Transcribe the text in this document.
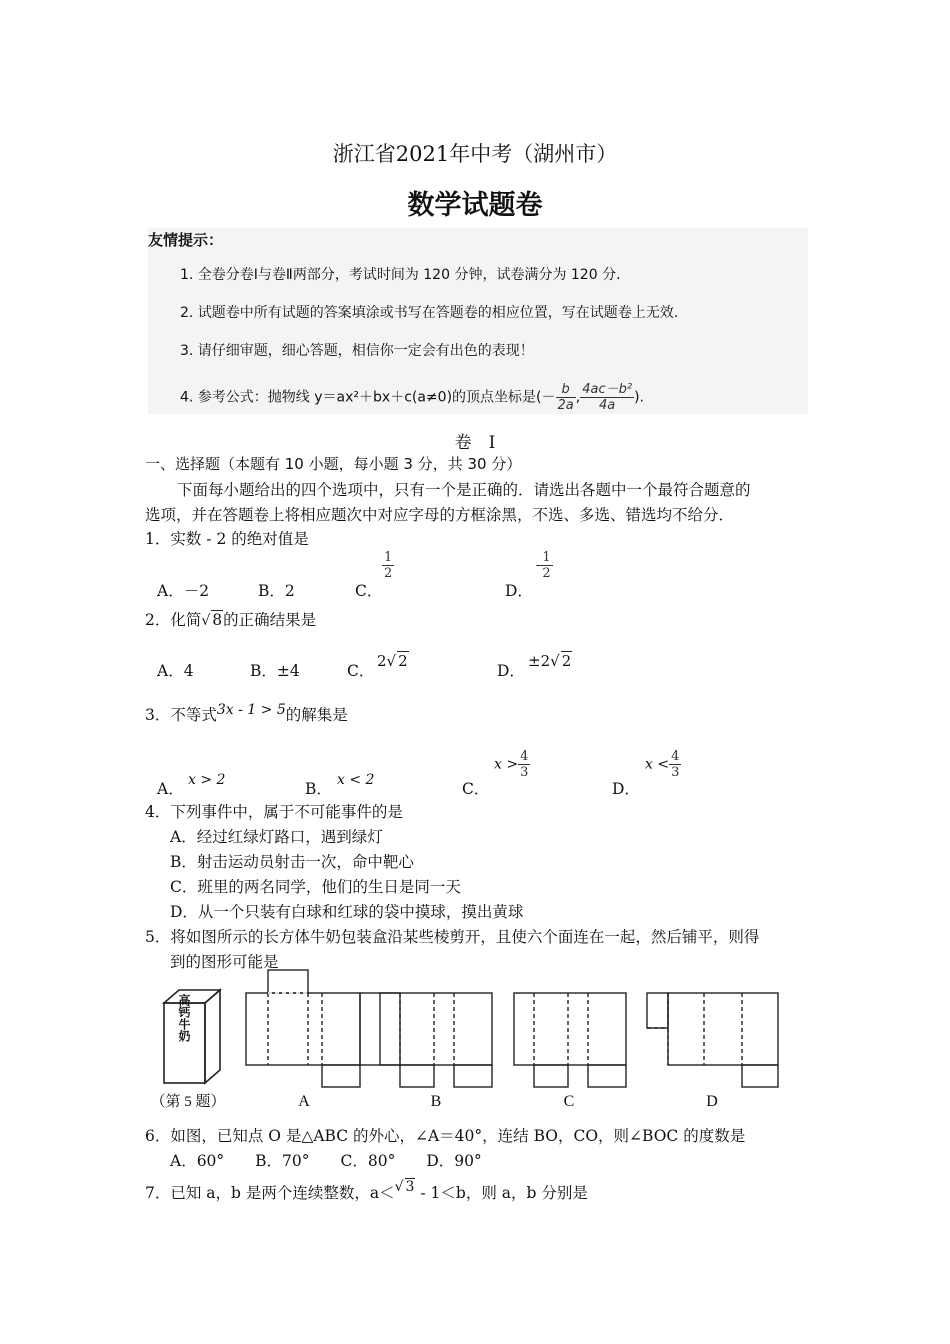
浙江省2021年中考（湖州市）
数学试题卷
友情提示：
1. 全卷分卷Ⅰ与卷Ⅱ两部分，考试时间为 120 分钟，试卷满分为 120 分.
2. 试题卷中所有试题的答案填涂或书写在答题卷的相应位置，写在试题卷上无效.
3. 请仔细审题，细心答题，相信你一定会有出色的表现！
4. 参考公式：抛物线 y＝ax²＋bx＋c(a≠0)的顶点坐标是(－ $\frac{b}{2a}$ , $\frac{\text{4ac－b²}}{4a}$ ).
卷　I
一、选择题（本题有 10 小题，每小题 3 分，共 30 分）
下面每小题给出的四个选项中，只有一个是正确的．请选出各题中一个最符合题意的
选项，并在答题卷上将相应题次中对应字母的方框涂黑，不选、多选、错选均不给分．
1．实数 - 2 的绝对值是
A．－2	B．2	C．
$\frac{1}{2}$
D．
- $\frac{1}{2}$
2．化简√ 8的正确结果是
A．4	B．±4	C．
2√ 2
D．
±2√ 2
3．不等式3x - 1 > 5的解集是
A． x > 2	B． x < 2	C．
$x > \frac{4}{3}$
D．
$x < \frac{4}{3}$
4．下列事件中，属于不可能事件的是
A．经过红绿灯路口，遇到绿灯
B．射击运动员射击一次，命中靶心
C．班里的两名同学，他们的生日是同一天
D．从一个只装有白球和红球的袋中摸球，摸出黄球
5．将如图所示的长方体牛奶包装盒沿某些棱剪开，且使六个面连在一起，然后铺平，则得
到的图形可能是
高钙牛奶
（第 5 题）	A	B	C	D
6．如图，已知点 O 是△ABC 的外心，∠A＝40°，连结 BO，CO，则∠BOC 的度数是
A．60°　　B．70°　　C．80°　　D．90°
7．已知 a，b 是两个连续整数，a＜√ 3 - 1＜b，则 a，b 分别是
